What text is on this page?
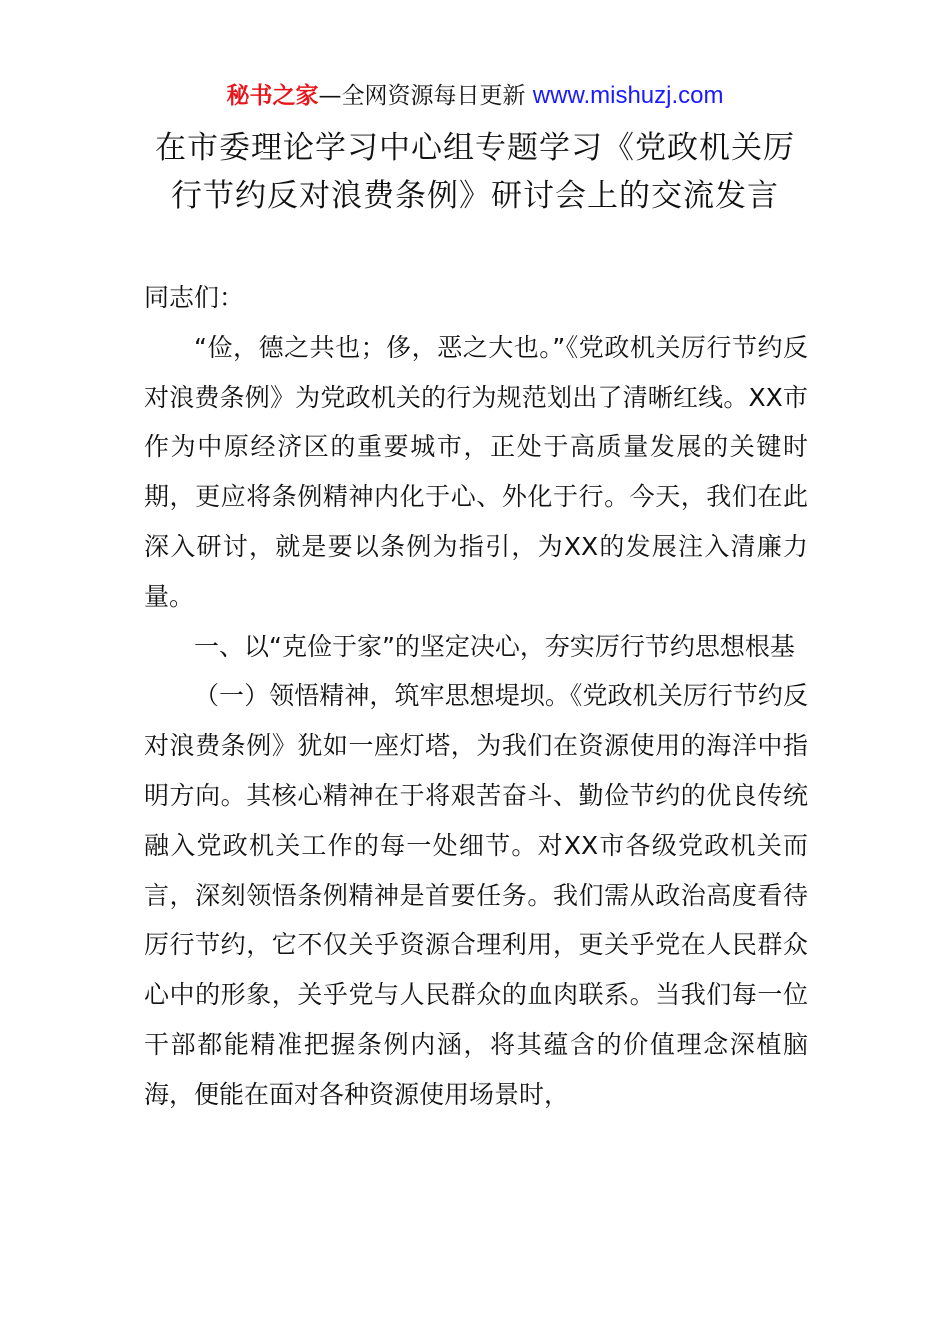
秘书之家—全网资源每日更新 www.mishuzj.com
在市委理论学习中心组专题学习《党政机关厉
行节约反对浪费条例》研讨会上的交流发言

同志们：

“俭，德之共也；侈，恶之大也。”《党政机关厉行节约反对浪费条例》为党政机关的行为规范划出了清晰红线。XX市作为中原经济区的重要城市，正处于高质量发展的关键时期，更应将条例精神内化于心、外化于行。今天，我们在此深入研讨，就是要以条例为指引，为XX的发展注入清廉力量。

一、以“克俭于家”的坚定决心，夯实厉行节约思想根基

（一）领悟精神，筑牢思想堤坝。《党政机关厉行节约反对浪费条例》犹如一座灯塔，为我们在资源使用的海洋中指明方向。其核心精神在于将艰苦奋斗、勤俭节约的优良传统融入党政机关工作的每一处细节。对XX市各级党政机关而言，深刻领悟条例精神是首要任务。我们需从政治高度看待厉行节约，它不仅关乎资源合理利用，更关乎党在人民群众心中的形象，关乎党与人民群众的血肉联系。当我们每一位干部都能精准把握条例内涵，将其蕴含的价值理念深植脑海，便能在面对各种资源使用场景时，
